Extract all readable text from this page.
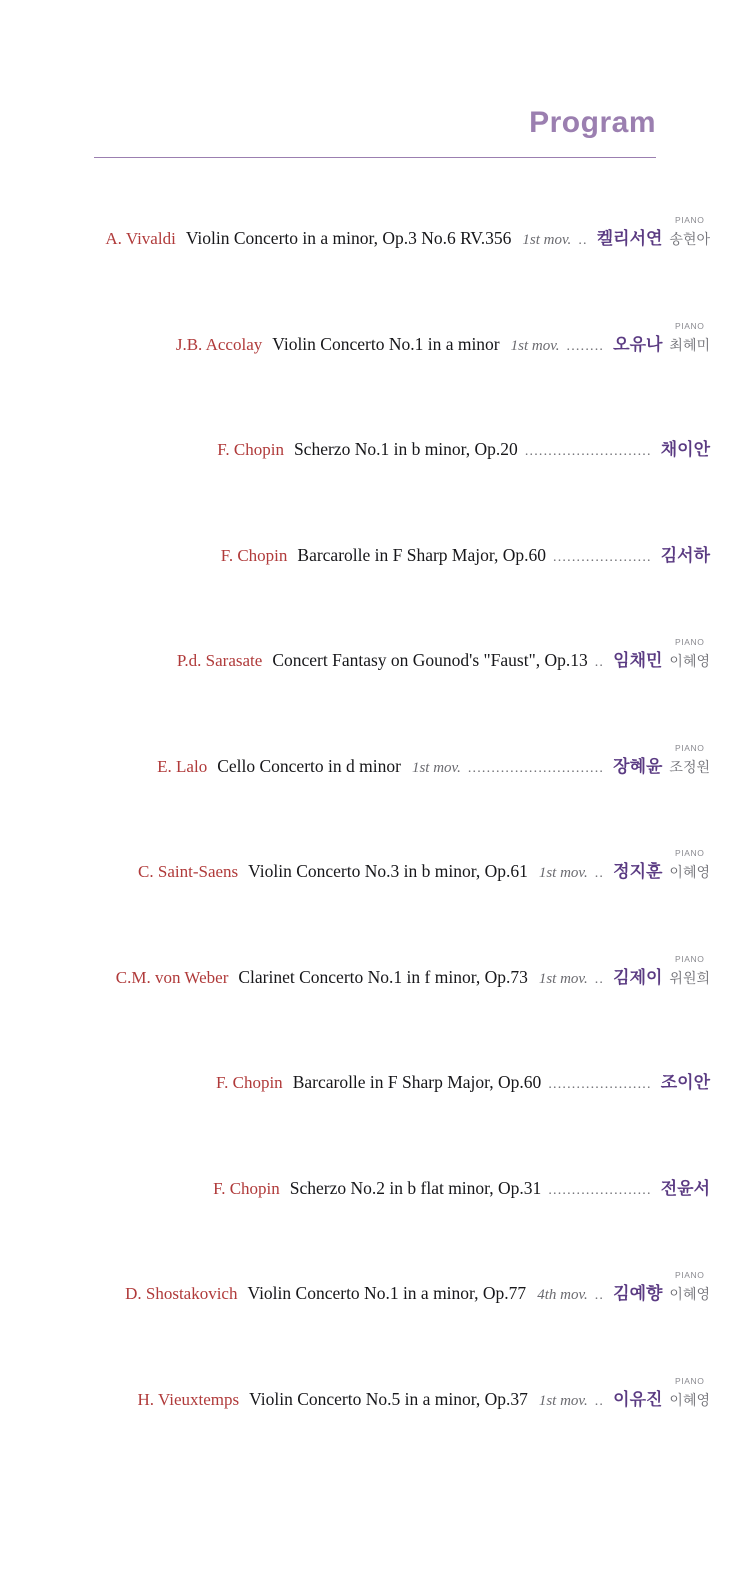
Program
A. Vivaldi Violin Concerto in a minor, Op.3 No.6 RV.356 1st mov. .. 켈리서연
PIANO
송현아
J.B. Accolay Violin Concerto No.1 in a minor 1st mov. ........ 오유나
PIANO
최혜미
F. Chopin Scherzo No.1 in b minor, Op.20 ........................... 채이안
F. Chopin Barcarolle in F Sharp Major, Op.60 ..................... 김서하
P.d. Sarasate Concert Fantasy on Gounod's "Faust", Op.13 .. 임채민
PIANO
이혜영
E. Lalo Cello Concerto in d minor 1st mov. ............................. 장혜윤
PIANO
조정원
C. Saint-Saens Violin Concerto No.3 in b minor, Op.61 1st mov. .. 정지훈
PIANO
이혜영
C.M. von Weber Clarinet Concerto No.1 in f minor, Op.73 1st mov. .. 김제이
PIANO
위원희
F. Chopin Barcarolle in F Sharp Major, Op.60 ...................... 조이안
F. Chopin Scherzo No.2 in b flat minor, Op.31 ...................... 전윤서
D. Shostakovich Violin Concerto No.1 in a minor, Op.77 4th mov. .. 김예향
PIANO
이혜영
H. Vieuxtemps Violin Concerto No.5 in a minor, Op.37 1st mov. .. 이유진
PIANO
이혜영
